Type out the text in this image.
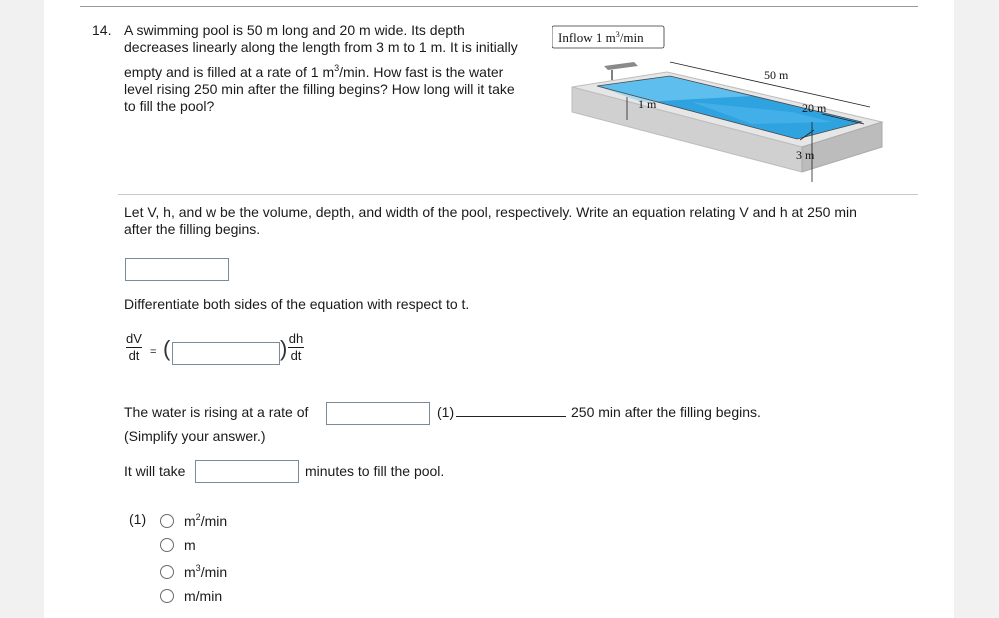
14. A swimming pool is 50 m long and 20 m wide. Its depth

decreases linearly along the length from 3 m to 1 m. It is initially

empty and is filled at a rate of 1 $m^3/\min$. How fast is the water

level rising 250 min after the filling begins? How long will it take

to fill the pool?

Inflow 1 $m^3/\min$
50 m
20 m
1 m
3 m
Let V, h, and w be the volume, depth, and width of the pool, respectively. Write an equation relating V and h at 250 min
after the filling begins.
Differentiate both sides of the equation with respect to t.
dV
dt = (	) dh
dt
The water is rising at a rate of	(1)	250 min after the filling begins.
(Simplify your answer.)
It will take	minutes to fill the pool.
(1)	$m^2/\min$
m
$m^3/\min$
m/min
